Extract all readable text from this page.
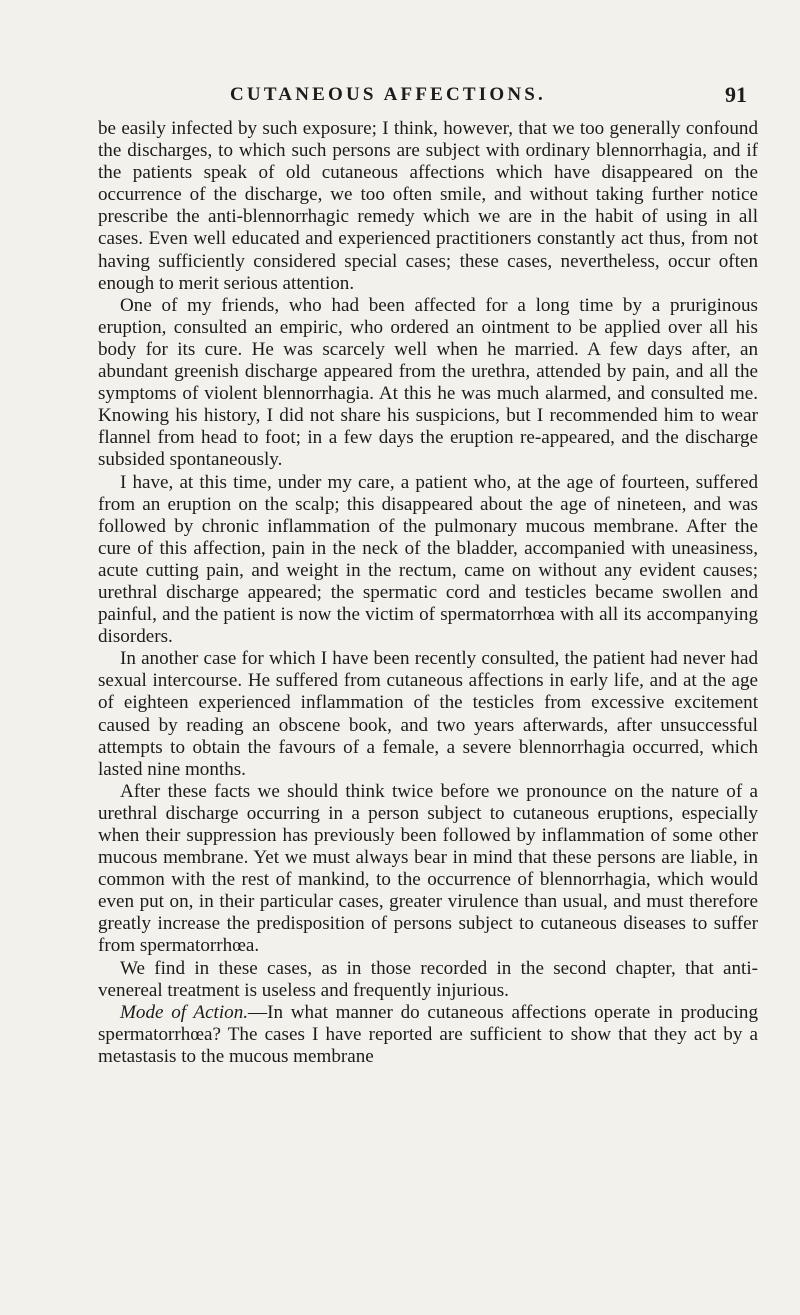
CUTANEOUS AFFECTIONS.	91

be easily infected by such exposure; I think, however, that we too generally confound the discharges, to which such persons are subject with ordinary blennorrhagia, and if the patients speak of old cutaneous affections which have disappeared on the occurrence of the discharge, we too often smile, and without taking further notice prescribe the anti-blennorrhagic remedy which we are in the habit of using in all cases. Even well educated and experienced practitioners constantly act thus, from not having sufficiently considered special cases; these cases, nevertheless, occur often enough to merit serious attention.

One of my friends, who had been affected for a long time by a pruriginous eruption, consulted an empiric, who ordered an ointment to be applied over all his body for its cure. He was scarcely well when he married. A few days after, an abundant greenish discharge appeared from the urethra, attended by pain, and all the symptoms of violent blennorrhagia. At this he was much alarmed, and consulted me. Knowing his history, I did not share his suspicions, but I recommended him to wear flannel from head to foot; in a few days the eruption re-appeared, and the discharge subsided spontaneously.

I have, at this time, under my care, a patient who, at the age of fourteen, suffered from an eruption on the scalp; this disappeared about the age of nineteen, and was followed by chronic inflammation of the pulmonary mucous membrane. After the cure of this affection, pain in the neck of the bladder, accompanied with uneasiness, acute cutting pain, and weight in the rectum, came on without any evident causes; urethral discharge appeared; the spermatic cord and testicles became swollen and painful, and the patient is now the victim of spermatorrhœa with all its accompanying disorders.

In another case for which I have been recently consulted, the patient had never had sexual intercourse. He suffered from cutaneous affections in early life, and at the age of eighteen experienced inflammation of the testicles from excessive excitement caused by reading an obscene book, and two years afterwards, after unsuccessful attempts to obtain the favours of a female, a severe blennorrhagia occurred, which lasted nine months.

After these facts we should think twice before we pronounce on the nature of a urethral discharge occurring in a person subject to cutaneous eruptions, especially when their suppression has previously been followed by inflammation of some other mucous membrane. Yet we must always bear in mind that these persons are liable, in common with the rest of mankind, to the occurrence of blennorrhagia, which would even put on, in their particular cases, greater virulence than usual, and must therefore greatly increase the predisposition of persons subject to cutaneous diseases to suffer from spermatorrhœa.

We find in these cases, as in those recorded in the second chapter, that anti-venereal treatment is useless and frequently injurious.

Mode of Action.—In what manner do cutaneous affections operate in producing spermatorrhœa? The cases I have reported are sufficient to show that they act by a metastasis to the mucous membrane
